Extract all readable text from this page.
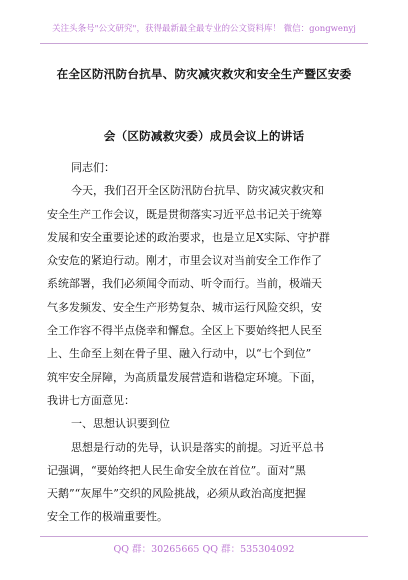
关注头条号"公文研究"，获得最新最全最专业的公文资料库！ 微信：gongwenyj
在全区防汛防台抗旱、防灾减灾救灾和安全生产暨区安委
会（区防减救灾委）成员会议上的讲话
同志们：
今天，我们召开全区防汛防台抗旱、防灾减灾救灾和
安全生产工作会议，既是贯彻落实习近平总书记关于统筹
发展和安全重要论述的政治要求，也是立足X实际、守护群
众安危的紧迫行动。刚才，市里会议对当前安全工作作了
系统部署，我们必须闻令而动、听令而行。当前，极端天
气多发频发、安全生产形势复杂、城市运行风险交织，安
全工作容不得半点侥幸和懈怠。全区上下要始终把人民至
上、生命至上刻在骨子里、融入行动中，以“七个到位”
筑牢安全屏障，为高质量发展营造和谐稳定环境。下面，
我讲七方面意见：
一、思想认识要到位
思想是行动的先导，认识是落实的前提。习近平总书
记强调，“要始终把人民生命安全放在首位”。面对“黑
天鹅”“灰犀牛”交织的风险挑战，必须从政治高度把握
安全工作的极端重要性。
QQ 群：30265665 QQ 群：535304092
